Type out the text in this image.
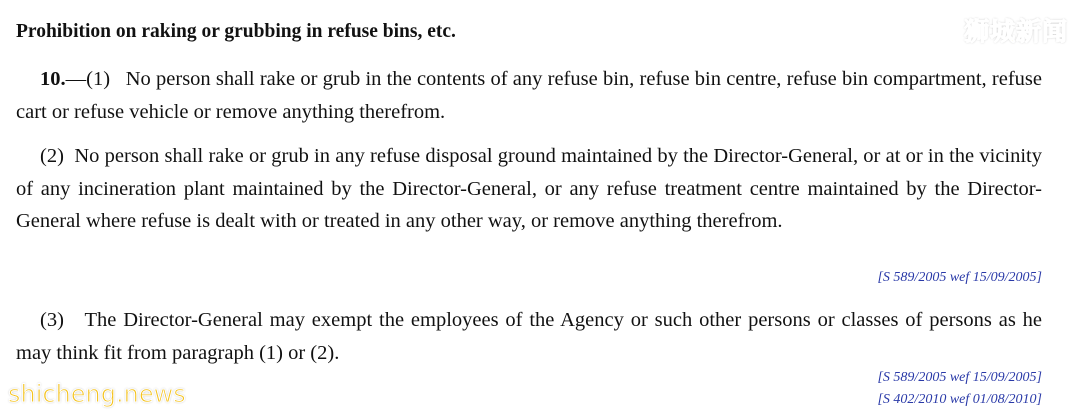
Prohibition on raking or grubbing in refuse bins, etc.

10.—(1) No person shall rake or grub in the contents of any refuse bin, refuse bin centre, refuse bin compartment, refuse cart or refuse vehicle or remove anything therefrom.

(2) No person shall rake or grub in any refuse disposal ground maintained by the Director-General, or at or in the vicinity of any incineration plant maintained by the Director-General, or any refuse treatment centre maintained by the Director-General where refuse is dealt with or treated in any other way, or remove anything therefrom.

[S 589/2005 wef 15/09/2005]

(3) The Director-General may exempt the employees of the Agency or such other persons or classes of persons as he may think fit from paragraph (1) or (2).

[S 589/2005 wef 15/09/2005]
[S 402/2010 wef 01/08/2010]
狮城新闻
shicheng.news
